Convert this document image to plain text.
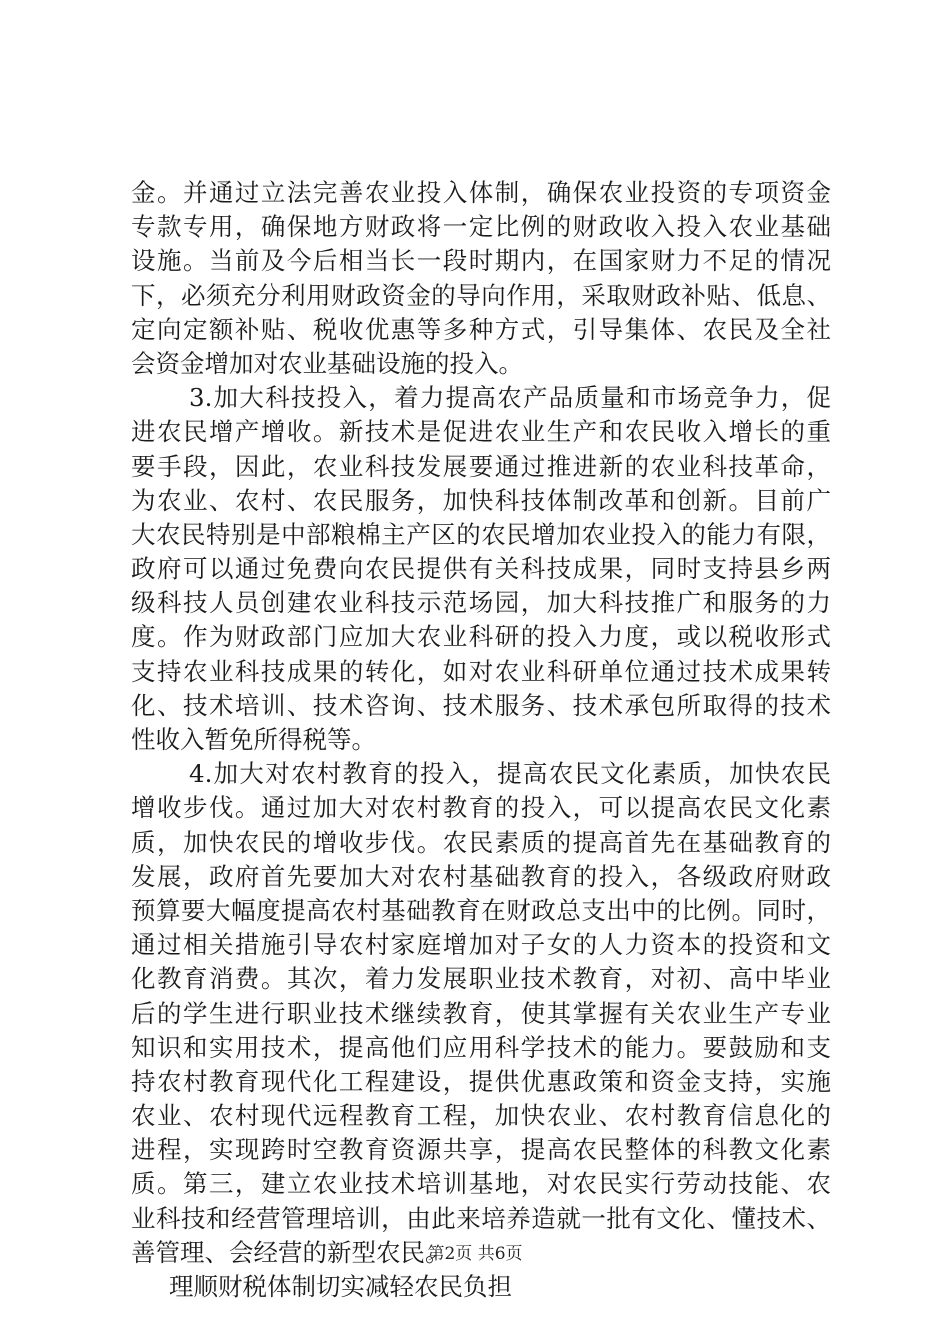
金。并通过立法完善农业投入体制，确保农业投资的专项资金
专款专用，确保地方财政将一定比例的财政收入投入农业基础
设施。当前及今后相当长一段时期内，在国家财力不足的情况
下，必须充分利用财政资金的导向作用，采取财政补贴、低息、
定向定额补贴、税收优惠等多种方式，引导集体、农民及全社
会资金增加对农业基础设施的投入。
3.加大科技投入，着力提高农产品质量和市场竞争力，促
进农民增产增收。新技术是促进农业生产和农民收入增长的重
要手段，因此，农业科技发展要通过推进新的农业科技革命，
为农业、农村、农民服务，加快科技体制改革和创新。目前广
大农民特别是中部粮棉主产区的农民增加农业投入的能力有限，
政府可以通过免费向农民提供有关科技成果，同时支持县乡两
级科技人员创建农业科技示范场园，加大科技推广和服务的力
度。作为财政部门应加大农业科研的投入力度，或以税收形式
支持农业科技成果的转化，如对农业科研单位通过技术成果转
化、技术培训、技术咨询、技术服务、技术承包所取得的技术
性收入暂免所得税等。
4.加大对农村教育的投入，提高农民文化素质，加快农民
增收步伐。通过加大对农村教育的投入，可以提高农民文化素
质，加快农民的增收步伐。农民素质的提高首先在基础教育的
发展，政府首先要加大对农村基础教育的投入，各级政府财政
预算要大幅度提高农村基础教育在财政总支出中的比例。同时，
通过相关措施引导农村家庭增加对子女的人力资本的投资和文
化教育消费。其次，着力发展职业技术教育，对初、高中毕业
后的学生进行职业技术继续教育，使其掌握有关农业生产专业
知识和实用技术，提高他们应用科学技术的能力。要鼓励和支
持农村教育现代化工程建设，提供优惠政策和资金支持，实施
农业、农村现代远程教育工程，加快农业、农村教育信息化的
进程，实现跨时空教育资源共享，提高农民整体的科教文化素
质。第三，建立农业技术培训基地，对农民实行劳动技能、农
业科技和经营管理培训，由此来培养造就一批有文化、懂技术、
善管理、会经营的新型农民。
理顺财税体制切实减轻农民负担
第2页 共6页
